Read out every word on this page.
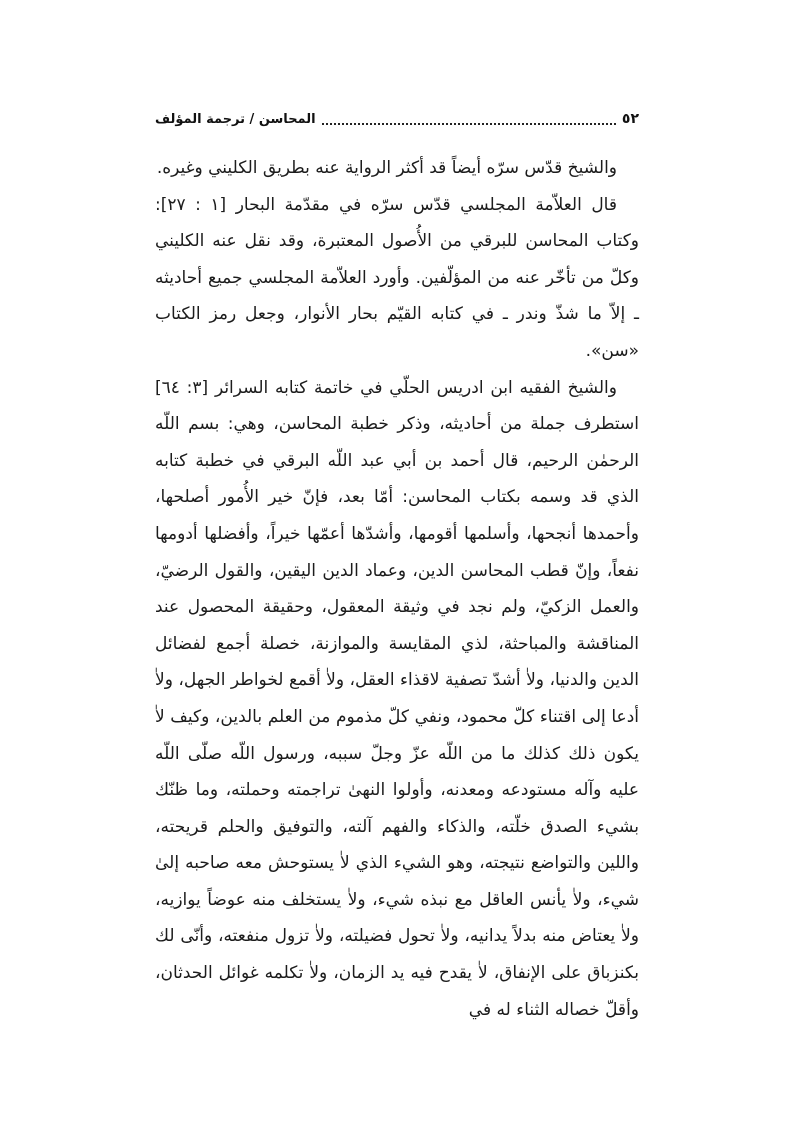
٥٢
المحاسن / ترجمة المؤلف

والشيخ قدّس سرّه أيضاً قد أكثر الرواية عنه بطريق الكليني وغيره.

قال العلاّمة المجلسي قدّس سرّه في مقدّمة البحار [١ : ٢٧]: وكتاب المحاسن للبرقي من الأُصول المعتبرة، وقد نقل عنه الكليني وكلّ من تأخّر عنه من المؤلّفين. وأورد العلاّمة المجلسي جميع أحاديثه ـ إلاّ ما شذّ وندر ـ في كتابه القيّم بحار الأنوار، وجعل رمز الكتاب «سن».

والشيخ الفقيه ابن ادريس الحلّي في خاتمة كتابه السرائر [٣: ٦٤] استطرف جملة من أحاديثه، وذكر خطبة المحاسن، وهي: بسم اللّه الرحمٰن الرحيم، قال أحمد بن أبي عبد اللّه البرقي في خطبة كتابه الذي قد وسمه بكتاب المحاسن: أمّا بعد، فإنّ خير الأُمور أصلحها، وأحمدها أنجحها، وأسلمها أقومها، وأشدّها أعمّها خيراً، وأفضلها أدومها نفعاً، وإنّ قطب المحاسن الدين، وعماد الدين اليقين، والقول الرضيّ، والعمل الزكيّ، ولم نجد في وثيقة المعقول، وحقيقة المحصول عند المناقشة والمباحثة، لذي المقايسة والموازنة، خصلة أجمع لفضائل الدين والدنيا، ولاٰ أشدّ تصفية لاقذاء العقل، ولاٰ أقمع لخواطر الجهل، ولاٰ أدعا إلى اقتناء كلّ محمود، ونفي كلّ مذموم من العلم بالدين، وكيف لاٰ يكون ذلك كذلك ما من اللّه عزّ وجلّ سببه، ورسول اللّه صلّى اللّه عليه وآله مستودعه ومعدنه، وأولوا النهىٰ تراجمته وحملته، وما ظنّك بشيء الصدق خلّته، والذكاء والفهم آلته، والتوفيق والحلم قريحته، واللين والتواضع نتيجته، وهو الشيء الذي لاٰ يستوحش معه صاحبه إلىٰ شيء، ولاٰ يأنس العاقل مع نبذه شيء، ولاٰ يستخلف منه عوضاً يوازيه، ولاٰ يعتاض منه بدلاً يدانيه، ولاٰ تحول فضيلته، ولاٰ تزول منفعته، وأنّى لك بكنزباق على الإنفاق، لاٰ يقدح فيه يد الزمان، ولاٰ تكلمه غوائل الحدثان، وأقلّ خصاله الثناء له في
